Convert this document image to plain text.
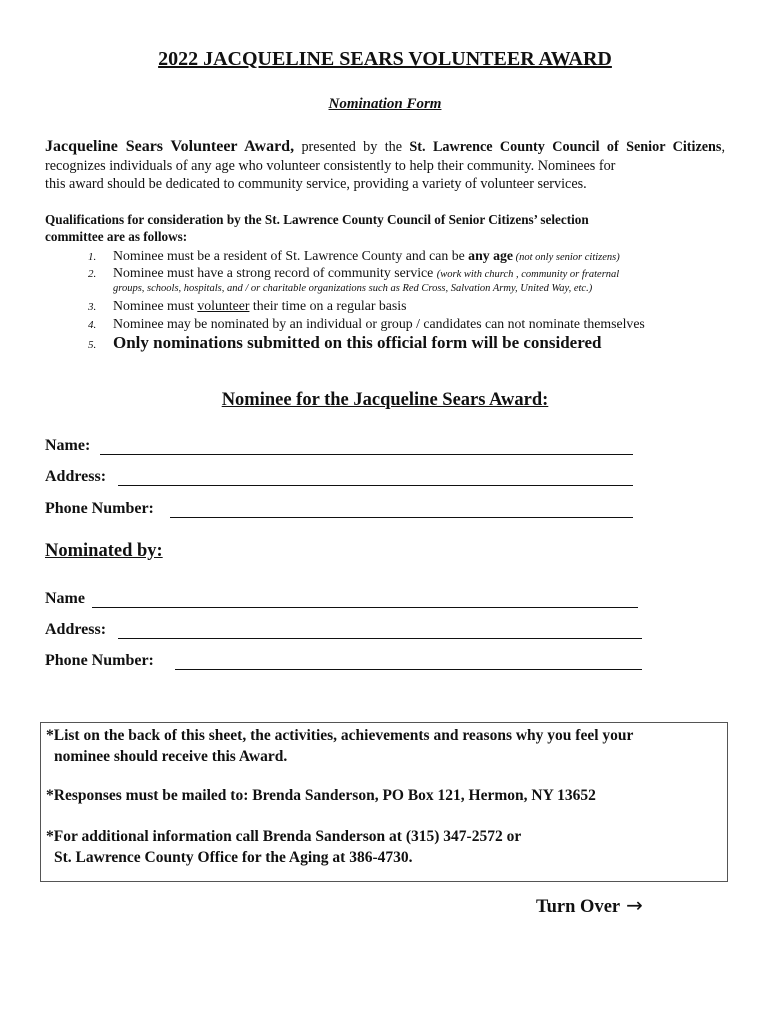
2022 JACQUELINE SEARS VOLUNTEER AWARD
Nomination Form
Jacqueline Sears Volunteer Award, presented by the St. Lawrence County Council of Senior Citizens, recognizes individuals of any age who volunteer consistently to help their community. Nominees for
this award should be dedicated to community service, providing a variety of volunteer services.
Qualifications for consideration by the St. Lawrence County Council of Senior Citizens’ selection
committee are as follows:
1. Nominee must be a resident of St. Lawrence County and can be any age (not only senior citizens)
2. Nominee must have a strong record of community service (work with church , community or fraternal
groups, schools, hospitals, and / or charitable organizations such as Red Cross, Salvation Army, United Way, etc.)
3. Nominee must volunteer their time on a regular basis
4. Nominee may be nominated by an individual or group / candidates can not nominate themselves
5. Only nominations submitted on this official form will be considered
Nominee for the Jacqueline Sears Award:
Name:
Address:
Phone Number:
Nominated by:
Name
Address:
Phone Number:
*List on the back of this sheet, the activities, achievements and reasons why you feel your
nominee should receive this Award.
*Responses must be mailed to: Brenda Sanderson, PO Box 121, Hermon, NY 13652
*For additional information call Brenda Sanderson at (315) 347-2572 or
St. Lawrence County Office for the Aging at 386-4730.
Turn Over →
